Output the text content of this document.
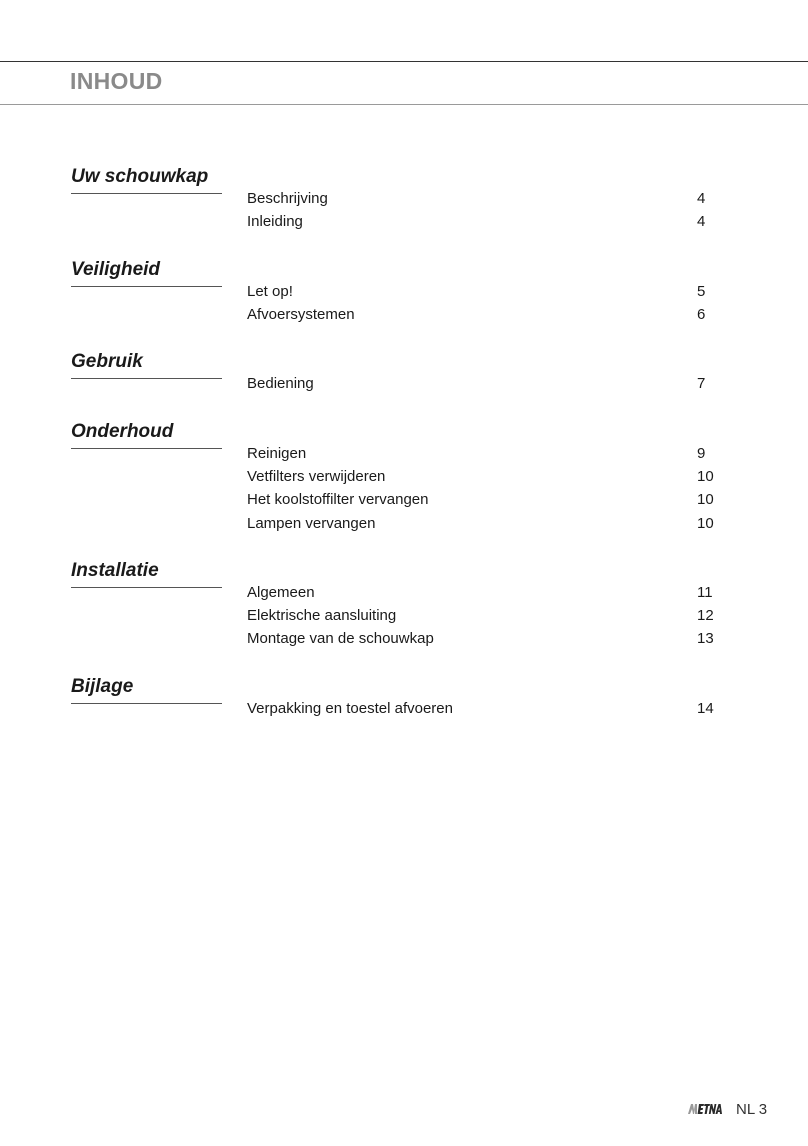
INHOUD
Uw schouwkap
Beschrijving	4
Inleiding	4
Veiligheid
Let op!	5
Afvoersystemen	6
Gebruik
Bediening	7
Onderhoud
Reinigen	9
Vetfilters verwijderen	10
Het koolstoffilter vervangen	10
Lampen vervangen	10
Installatie
Algemeen	11
Elektrische aansluiting	12
Montage van de schouwkap	13
Bijlage
Verpakking en toestel afvoeren	14
NL 3
